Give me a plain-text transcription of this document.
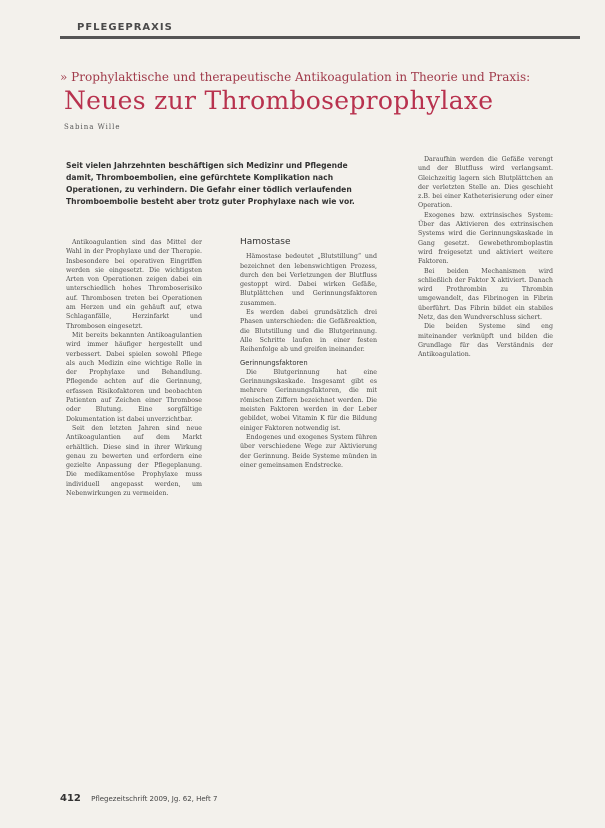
PFLEGEPRAXIS
» Prophylaktische und therapeutische Antikoagulation in Theorie und Praxis:
Neues zur Thromboseprophylaxe
Sabina Wille
Seit vielen Jahrzehnten beschäftigen sich Medizinr und Pflegende damit, Thromboembolien, eine gefürchtete Komplikation nach Operationen, zu verhindern. Die Gefahr einer tödlich verlaufenden Thromboembolie besteht aber trotz guter Prophylaxe nach wie vor.

Antikoagulantien sind das Mittel der Wahl in der Prophylaxe und der Therapie. Insbesondere bei operativen Eingriffen werden sie eingesetzt. Die wichtigsten Arten von Operationen zeigen dabei ein unterschiedlich hohes Thromboserisiko auf. Thrombosen treten bei Operationen am Herzen und ein gehäuft auf, etwa Schlaganfälle, Herzinfarkt und Thrombosen eingesetzt.

Mit bereits bekannten Antikoagulantien wird immer häufiger hergestellt und verbessert. Dabei spielen sowohl Pflege als auch Medizin eine wichtige Rolle in der Prophylaxe und Behandlung. Pflegende achten auf die Gerinnung, erfassen Risikofaktoren und beobachten Patienten auf Zeichen einer Thrombose oder Blutung. Eine sorgfältige Dokumentation ist dabei unverzichtbar.

Seit den letzten Jahren sind neue Antikoagulantien auf dem Markt erhältlich. Diese sind in ihrer Wirkung genau zu bewerten und erfordern eine gezielte Anpassung der Pflegeplanung. Die medikamentöse Prophylaxe muss individuell angepasst werden, um Nebenwirkungen zu vermeiden.

Hämostase

Hämostase bedeutet „Blutstillung“ und bezeichnet den lebenswichtigen Prozess, durch den bei Verletzungen der Blutfluss gestoppt wird. Dabei wirken Gefäße, Blutplättchen und Gerinnungsfaktoren zusammen.

Es werden dabei grundsätzlich drei Phasen unterschieden: die Gefäßreaktion, die Blutstillung und die Blutgerinnung. Alle Schritte laufen in einer festen Reihenfolge ab und greifen ineinander.

Gerinnungsfaktoren

Die Blutgerinnung hat eine Gerinnungskaskade. Insgesamt gibt es mehrere Gerinnungsfaktoren, die mit römischen Ziffern bezeichnet werden. Die meisten Faktoren werden in der Leber gebildet, wobei Vitamin K für die Bildung einiger Faktoren notwendig ist.

Endogenes und exogenes System führen über verschiedene Wege zur Aktivierung der Gerinnung. Beide Systeme münden in einer gemeinsamen Endstrecke.

Daraufhin werden die Gefäße verengt und der Blutfluss wird verlangsamt. Gleichzeitig lagern sich Blutplättchen an der verletzten Stelle an. Dies geschieht z.B. bei einer Katheterisierung oder einer Operation.

Exogenes bzw. extrinsisches System: Über das Aktivieren des extrinsischen Systems wird die Gerinnungskaskade in Gang gesetzt. Gewebethromboplastin wird freigesetzt und aktiviert weitere Faktoren.

Bei beiden Mechanismen wird schließlich der Faktor X aktiviert. Danach wird Prothrombin zu Thrombin umgewandelt, das Fibrinogen in Fibrin überführt. Das Fibrin bildet ein stabiles Netz, das den Wundverschluss sichert.

Die beiden Systeme sind eng miteinander verknüpft und bilden die Grundlage für das Verständnis der Antikoagulation.

412 Pflegezeitschrift 2009, Jg. 62, Heft 7
